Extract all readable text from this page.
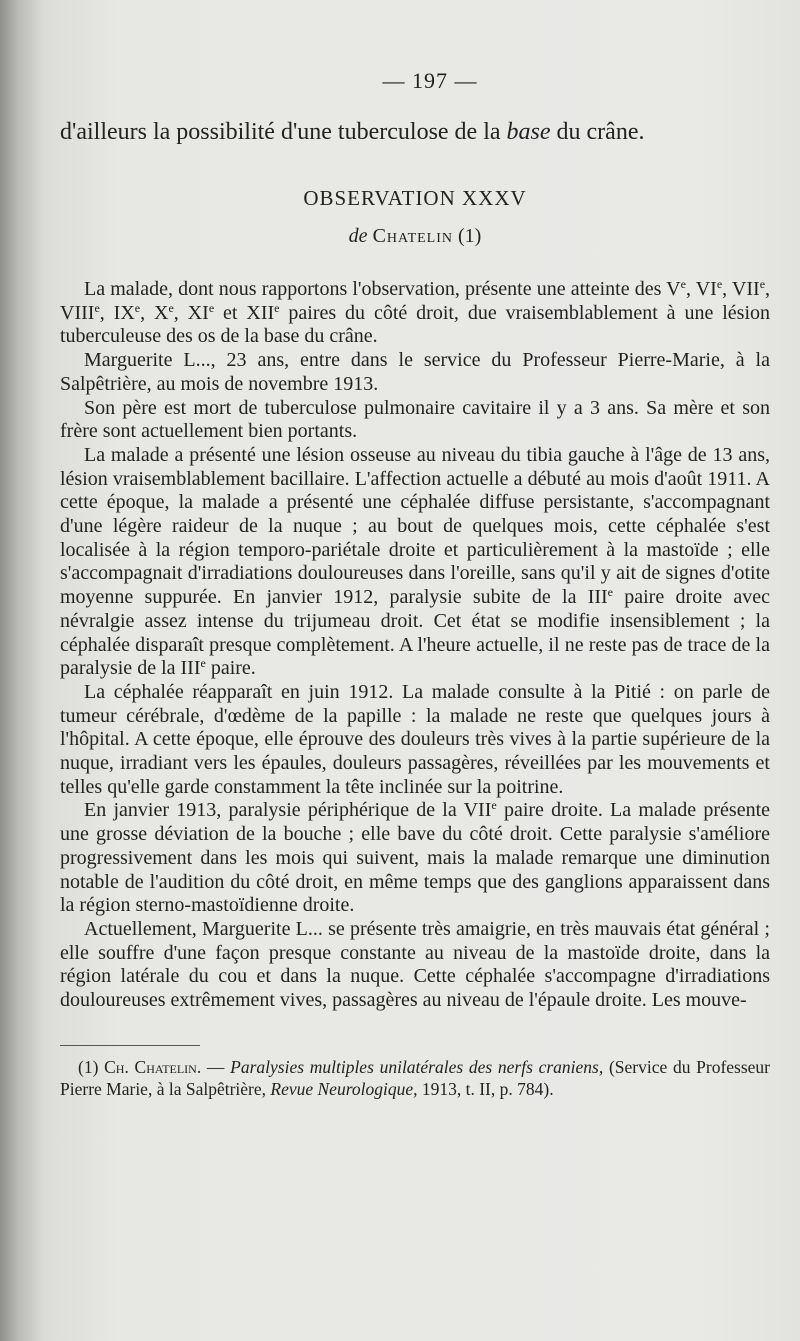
— 197 —
d'ailleurs la possibilité d'une tuberculose de la base du crâne.
OBSERVATION XXXV
de Chatelin (1)

La malade, dont nous rapportons l'observation, présente une atteinte des Ve, VIe, VIIe, VIIIe, IXe, Xe, XIe et XIIe paires du côté droit, due vraisemblablement à une lésion tuberculeuse des os de la base du crâne.

Marguerite L..., 23 ans, entre dans le service du Professeur Pierre-Marie, à la Salpêtrière, au mois de novembre 1913.

Son père est mort de tuberculose pulmonaire cavitaire il y a 3 ans. Sa mère et son frère sont actuellement bien portants.

La malade a présenté une lésion osseuse au niveau du tibia gauche à l'âge de 13 ans, lésion vraisemblablement bacillaire. L'affection actuelle a débuté au mois d'août 1911. A cette époque, la malade a présenté une céphalée diffuse persistante, s'accompagnant d'une légère raideur de la nuque ; au bout de quelques mois, cette céphalée s'est localisée à la région temporo-pariétale droite et particulièrement à la mastoïde ; elle s'accompagnait d'irradiations douloureuses dans l'oreille, sans qu'il y ait de signes d'otite moyenne suppurée. En janvier 1912, paralysie subite de la IIIe paire droite avec névralgie assez intense du trijumeau droit. Cet état se modifie insensiblement ; la céphalée disparaît presque complètement. A l'heure actuelle, il ne reste pas de trace de la paralysie de la IIIe paire.

La céphalée réapparaît en juin 1912. La malade consulte à la Pitié : on parle de tumeur cérébrale, d'œdème de la papille : la malade ne reste que quelques jours à l'hôpital. A cette époque, elle éprouve des douleurs très vives à la partie supérieure de la nuque, irradiant vers les épaules, douleurs passagères, réveillées par les mouvements et telles qu'elle garde constamment la tête inclinée sur la poitrine.

En janvier 1913, paralysie périphérique de la VIIe paire droite. La malade présente une grosse déviation de la bouche ; elle bave du côté droit. Cette paralysie s'améliore progressivement dans les mois qui suivent, mais la malade remarque une diminution notable de l'audition du côté droit, en même temps que des ganglions apparaissent dans la région sterno-mastoïdienne droite.

Actuellement, Marguerite L... se présente très amaigrie, en très mauvais état général ; elle souffre d'une façon presque constante au niveau de la mastoïde droite, dans la région latérale du cou et dans la nuque. Cette céphalée s'accompagne d'irradiations douloureuses extrêmement vives, passagères au niveau de l'épaule droite. Les mouve-

(1) Ch. Chatelin. — Paralysies multiples unilatérales des nerfs craniens, (Service du Professeur Pierre Marie, à la Salpêtrière, Revue Neurologique, 1913, t. II, p. 784).
